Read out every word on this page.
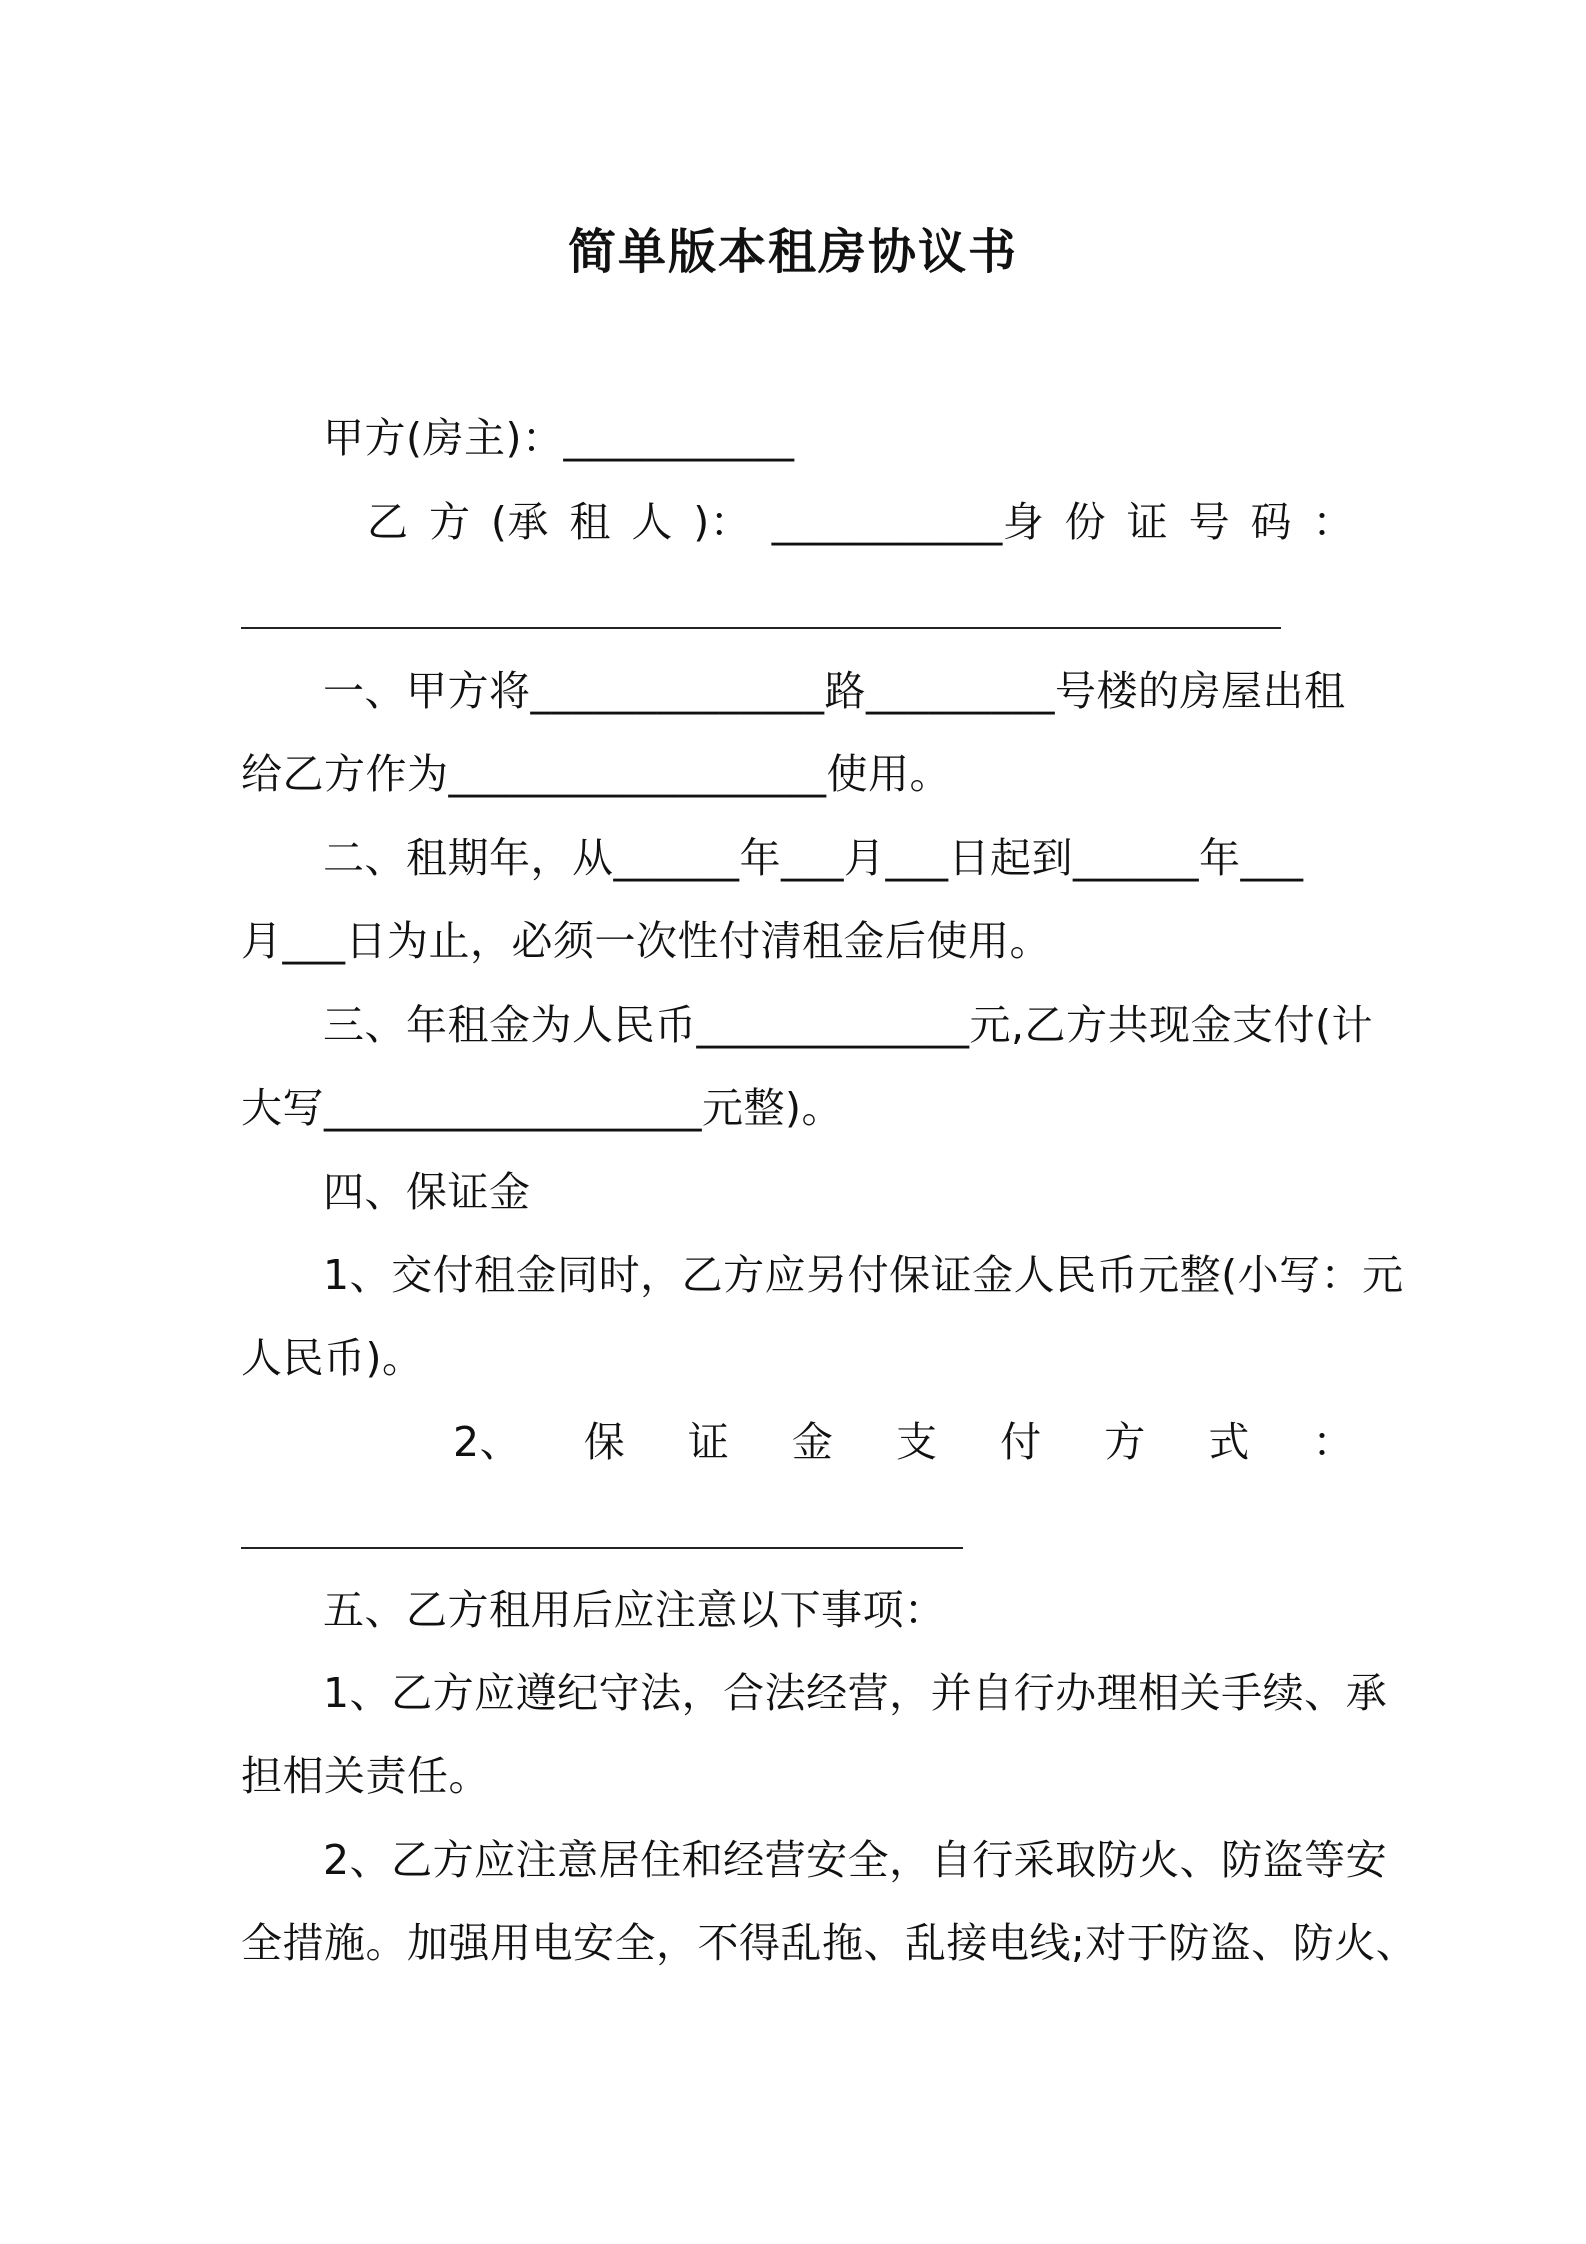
简单版本租房协议书
甲方(房主)：___________
乙 方 (承 租 人 )： ___________身 份 证 号 码 ：
一、甲方将______________路_________号楼的房屋出租
给乙方作为__________________使用。
二、租期年，从______年___月___日起到______年___
月___日为止，必须一次性付清租金后使用。
三、年租金为人民币_____________元,乙方共现金支付(计
大写__________________元整)。
四、保证金
1、交付租金同时，乙方应另付保证金人民币元整(小写：元
人民币)。
2、 保 证 金 支 付 方 式 ：
五、乙方租用后应注意以下事项：
1、乙方应遵纪守法，合法经营，并自行办理相关手续、承
担相关责任。
2、乙方应注意居住和经营安全，自行采取防火、防盗等安
全措施。加强用电安全，不得乱拖、乱接电线;对于防盗、防火、
